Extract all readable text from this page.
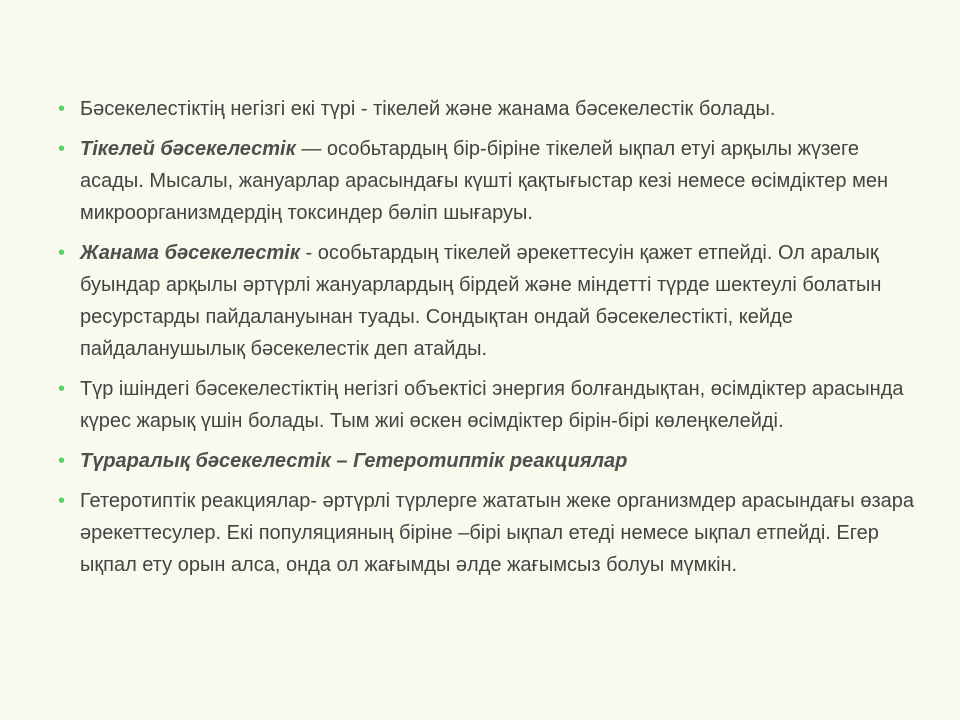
• Бәсекелестіктің негізгі екі түрі - тікелей және жанама бәсекелестік болады.
• Тікелей бәсекелестік — особьтардың бір-біріне тікелей ықпал етуі арқылы жүзеге асады. Мысалы, жануарлар арасындағы күшті қақтығыстар кезі немесе өсімдіктер мен микроорганизмдердің токсиндер бөліп шығаруы.
• Жанама бәсекелестік - особьтардың тікелей әрекеттесуін қажет етпейді. Ол аралық буындар арқылы әртүрлі жануарлардың бірдей және міндетті түрде шектеулі болатын ресурстарды пайдалануынан туады. Сондықтан ондай бәсекелестікті, кейде пайдаланушылық бәсекелестік деп атайды.
• Түр ішіндегі бәсекелестіктің негізгі объектісі энергия болғандықтан, өсімдіктер арасында күрес жарық үшін болады. Тым жиі өскен өсімдіктер бірін-бірі көлеңкелейді.
• Түраралық бәсекелестік – Гетеротиптік реакциялар
• Гетеротиптік реакциялар- әртүрлі түрлерге жататын жеке организмдер арасындағы өзара әрекеттесулер. Екі популяцияның біріне –бірі ықпал етеді немесе ықпал етпейді. Егер ықпал ету орын алса, онда ол жағымды әлде жағымсыз болуы мүмкін.
